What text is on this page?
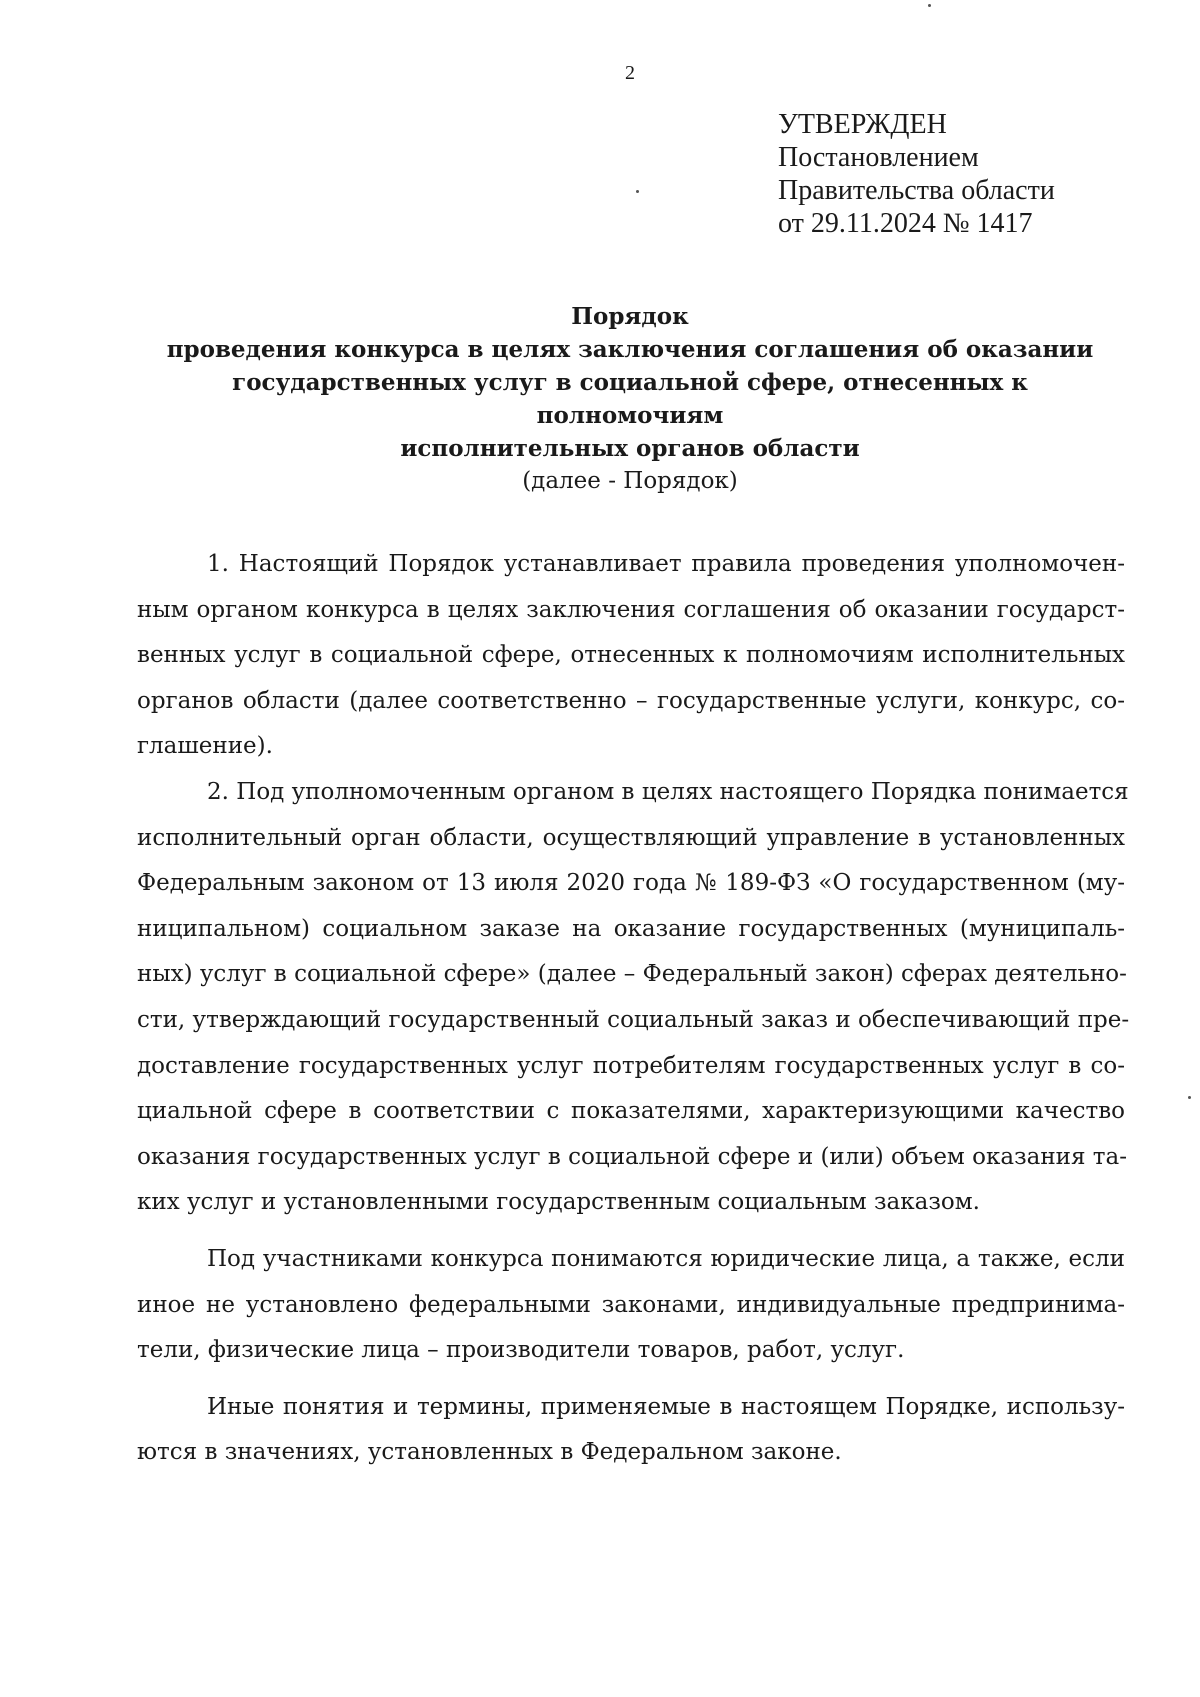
2
УТВЕРЖДЕН
Постановлением
Правительства области
от 29.11.2024 № 1417
Порядок
проведения конкурса в целях заключения соглашения об оказании
государственных услуг в социальной сфере, отнесенных к полномочиям
исполнительных органов области
(далее - Порядок)
1. Настоящий Порядок устанавливает правила проведения уполномочен-
ным органом конкурса в целях заключения соглашения об оказании государст-
венных услуг в социальной сфере, отнесенных к полномочиям исполнительных
органов области (далее соответственно – государственные услуги, конкурс, со-
глашение).
2. Под уполномоченным органом в целях настоящего Порядка понимается
исполнительный орган области, осуществляющий управление в установленных
Федеральным законом от 13 июля 2020 года № 189-ФЗ «О государственном (му-
ниципальном) социальном заказе на оказание государственных (муниципаль-
ных) услуг в социальной сфере» (далее – Федеральный закон) сферах деятельно-
сти, утверждающий государственный социальный заказ и обеспечивающий пре-
доставление государственных услуг потребителям государственных услуг в со-
циальной сфере в соответствии с показателями, характеризующими качество
оказания государственных услуг в социальной сфере и (или) объем оказания та-
ких услуг и установленными государственным социальным заказом.
Под участниками конкурса понимаются юридические лица, а также, если
иное не установлено федеральными законами, индивидуальные предпринима-
тели, физические лица – производители товаров, работ, услуг.
Иные понятия и термины, применяемые в настоящем Порядке, использу-
ются в значениях, установленных в Федеральном законе.
